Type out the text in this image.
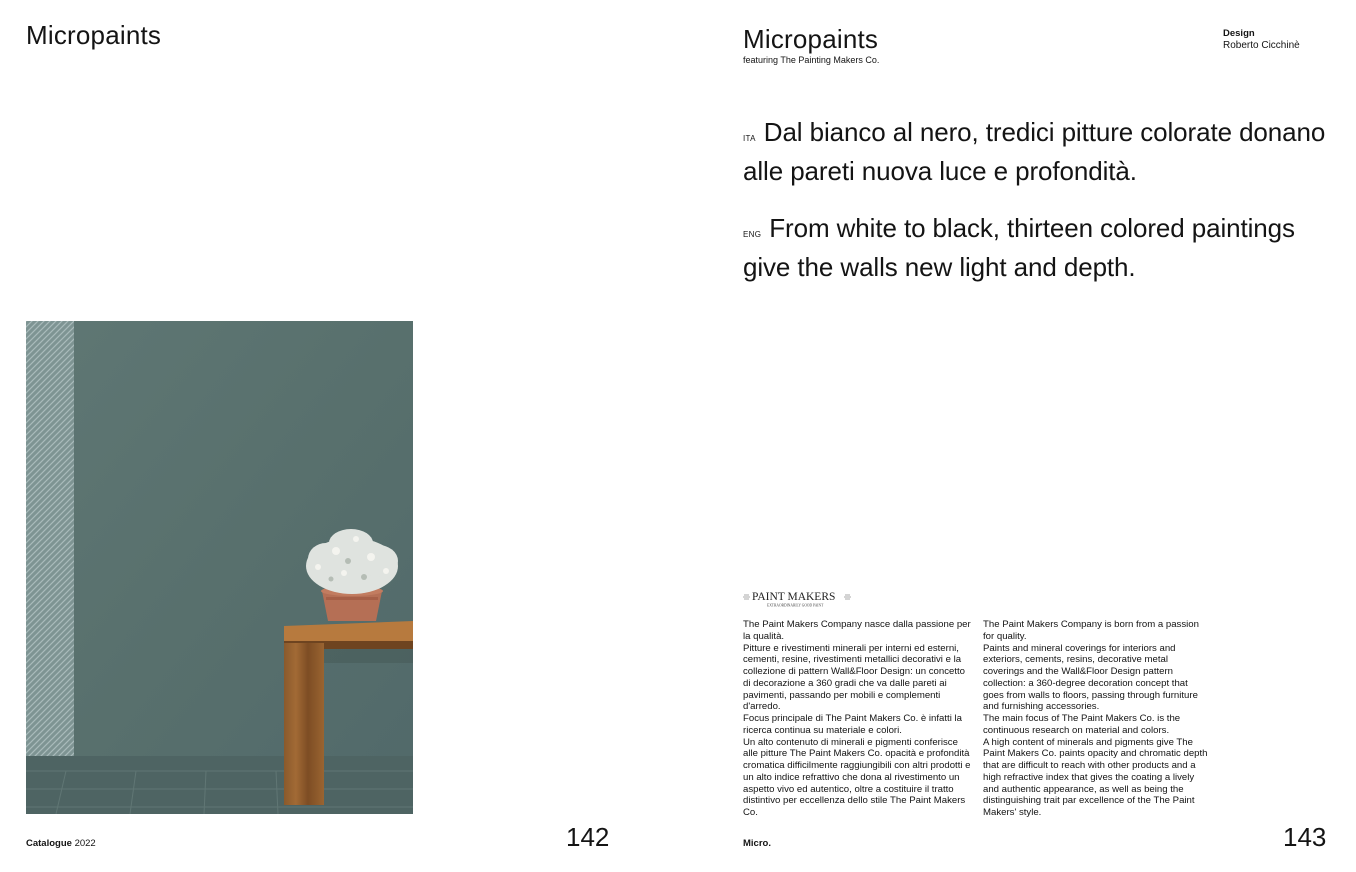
Micropaints
Catalogue 2022	142
Micropaints
featuring The Painting Makers Co.
Design
Roberto Cicchinè
ITA Dal bianco al nero, tredici pitture colorate donano alle pareti nuova luce e profondità.
ENG From white to black, thirteen colored paintings give the walls new light and depth.
PAINT MAKERS
EXTRAORDINARILY GOOD PAINT

The Paint Makers Company nasce dalla passione per la qualità.

Pitture e rivestimenti minerali per interni ed esterni, cementi, resine, rivestimenti metallici decorativi e la collezione di pattern Wall&Floor Design: un concetto di decorazione a 360 gradi che va dalle pareti ai pavimenti, passando per mobili e complementi d'arredo.

Focus principale di The Paint Makers Co. è infatti la ricerca continua su materiale e colori.

Un alto contenuto di minerali e pigmenti conferisce alle pitture The Paint Makers Co. opacità e profondità cromatica difficilmente raggiungibili con altri prodotti e un alto indice refrattivo che dona al rivestimento un aspetto vivo ed autentico, oltre a costituire il tratto distintivo per eccellenza dello stile The Paint Makers Co.

The Paint Makers Company is born from a passion for quality.

Paints and mineral coverings for interiors and exteriors, cements, resins, decorative metal coverings and the Wall&Floor Design pattern collection: a 360-degree decoration concept that goes from walls to floors, passing through furniture and furnishing accessories.

The main focus of The Paint Makers Co. is the continuous research on material and colors.

A high content of minerals and pigments give The Paint Makers Co. paints opacity and chromatic depth that are difficult to reach with other products and a high refractive index that gives the coating a lively and authentic appearance, as well as being the distinguishing trait par excellence of the The Paint Makers' style.

Micro.	143
